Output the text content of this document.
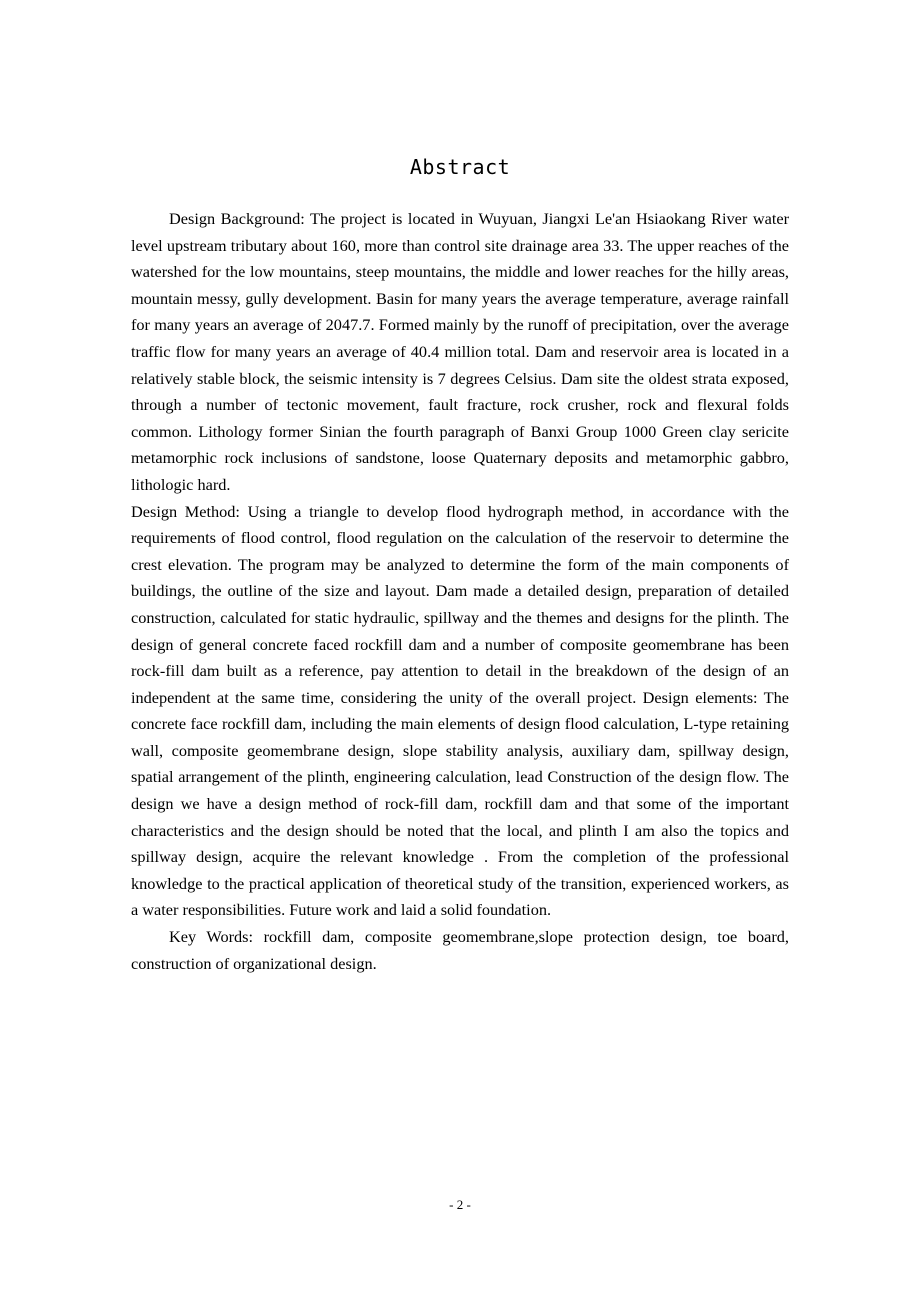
Abstract

Design Background: The project is located in Wuyuan, Jiangxi Le'an Hsiaokang River water level upstream tributary about 160, more than control site drainage area 33. The upper reaches of the watershed for the low mountains, steep mountains, the middle and lower reaches for the hilly areas, mountain messy, gully development. Basin for many years the average temperature, average rainfall for many years an average of 2047.7. Formed mainly by the runoff of precipitation, over the average traffic flow for many years an average of 40.4 million total. Dam and reservoir area is located in a relatively stable block, the seismic intensity is 7 degrees Celsius. Dam site the oldest strata exposed, through a number of tectonic movement, fault fracture, rock crusher, rock and flexural folds common. Lithology former Sinian the fourth paragraph of Banxi Group 1000 Green clay sericite metamorphic rock inclusions of sandstone, loose Quaternary deposits and metamorphic gabbro, lithologic hard.

Design Method: Using a triangle to develop flood hydrograph method, in accordance with the requirements of flood control, flood regulation on the calculation of the reservoir to determine the crest elevation. The program may be analyzed to determine the form of the main components of buildings, the outline of the size and layout. Dam made a detailed design, preparation of detailed construction, calculated for static hydraulic, spillway and the themes and designs for the plinth. The design of general concrete faced rockfill dam and a number of composite geomembrane has been rock-fill dam built as a reference, pay attention to detail in the breakdown of the design of an independent at the same time, considering the unity of the overall project. Design elements: The concrete face rockfill dam, including the main elements of design flood calculation, L-type retaining wall, composite geomembrane design, slope stability analysis, auxiliary dam, spillway design, spatial arrangement of the plinth, engineering calculation, lead Construction of the design flow. The design we have a design method of rock-fill dam, rockfill dam and that some of the important characteristics and the design should be noted that the local, and plinth I am also the topics and spillway design, acquire the relevant knowledge . From the completion of the professional knowledge to the practical application of theoretical study of the transition, experienced workers, as a water responsibilities. Future work and laid a solid foundation.

Key Words: rockfill dam, composite geomembrane,slope protection design, toe board, construction of organizational design.

- 2 -
